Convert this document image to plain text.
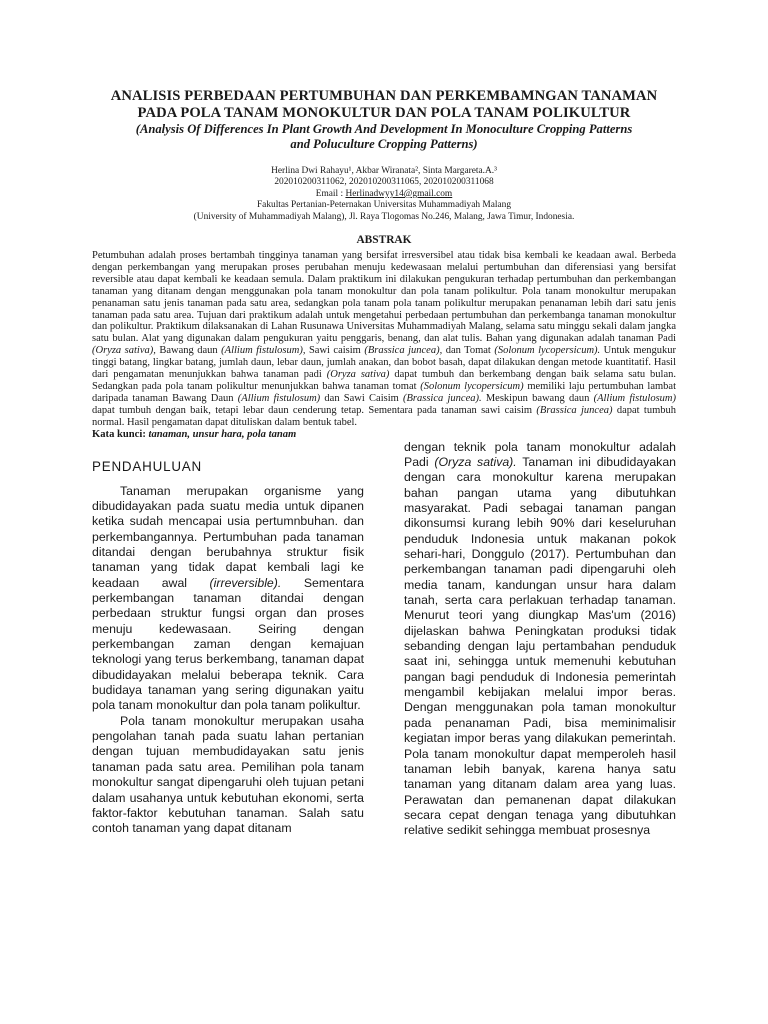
ANALISIS PERBEDAAN PERTUMBUHAN DAN PERKEMBAMNGAN TANAMAN
PADA POLA TANAM MONOKULTUR DAN POLA TANAM POLIKULTUR
(Analysis Of Differences In Plant Growth And Development In Monoculture Cropping Patterns
and Poluculture Cropping Patterns)
Herlina Dwi Rahayu¹, Akbar Wiranata², Sinta Margareta.A.³
202010200311062, 202010200311065, 202010200311068
Email : Herlinadwyy14@gmail.com
Fakultas Pertanian-Peternakan Universitas Muhammadiyah Malang
(University of Muhammadiyah Malang), Jl. Raya Tlogomas No.246, Malang, Jawa Timur, Indonesia.
ABSTRAK
Petumbuhan adalah proses bertambah tingginya tanaman yang bersifat irresversibel atau tidak bisa kembali ke keadaan awal. Berbeda dengan perkembangan yang merupakan proses perubahan menuju kedewasaan melalui pertumbuhan dan diferensiasi yang bersifat reversible atau dapat kembali ke keadaan semula. Dalam praktikum ini dilakukan pengukuran terhadap pertumbuhan dan perkembangan tanaman yang ditanam dengan menggunakan pola tanam monokultur dan pola tanam polikultur. Pola tanam monokultur merupakan penanaman satu jenis tanaman pada satu area, sedangkan pola tanam pola tanam polikultur merupakan penanaman lebih dari satu jenis tanaman pada satu area. Tujuan dari praktikum adalah untuk mengetahui perbedaan pertumbuhan dan perkembanga tanaman monokultur dan polikultur. Praktikum dilaksanakan di Lahan Rusunawa Universitas Muhammadiyah Malang, selama satu minggu sekali dalam jangka satu bulan. Alat yang digunakan dalam pengukuran yaitu penggaris, benang, dan alat tulis. Bahan yang digunakan adalah tanaman Padi (Oryza sativa), Bawang daun (Allium fistulosum), Sawi caisim (Brassica juncea), dan Tomat (Solonum lycopersicum). Untuk mengukur tinggi batang, lingkar batang, jumlah daun, lebar daun, jumlah anakan, dan bobot basah, dapat dilakukan dengan metode kuantitatif. Hasil dari pengamatan menunjukkan bahwa tanaman padi (Oryza sativa) dapat tumbuh dan berkembang dengan baik selama satu bulan. Sedangkan pada pola tanam polikultur menunjukkan bahwa tanaman tomat (Solonum lycopersicum) memiliki laju pertumbuhan lambat daripada tanaman Bawang Daun (Allium fistulosum) dan Sawi Caisim (Brassica juncea). Meskipun bawang daun (Allium fistulosum) dapat tumbuh dengan baik, tetapi lebar daun cenderung tetap. Sementara pada tanaman sawi caisim (Brassica juncea) dapat tumbuh normal. Hasil pengamatan dapat dituliskan dalam bentuk tabel.
Kata kunci: tanaman, unsur hara, pola tanam
PENDAHULUAN

Tanaman merupakan organisme yang dibudidayakan pada suatu media untuk dipanen ketika sudah mencapai usia pertumnbuhan. dan perkembangannya. Pertumbuhan pada tanaman ditandai dengan berubahnya struktur fisik tanaman yang tidak dapat kembali lagi ke keadaan awal (irreversible). Sementara perkembangan tanaman ditandai dengan perbedaan struktur fungsi organ dan proses menuju kedewasaan. Seiring dengan perkembangan zaman dengan kemajuan teknologi yang terus berkembang, tanaman dapat dibudidayakan melalui beberapa teknik. Cara budidaya tanaman yang sering digunakan yaitu pola tanam monokultur dan pola tanam polikultur.

Pola tanam monokultur merupakan usaha pengolahan tanah pada suatu lahan pertanian dengan tujuan membudidayakan satu jenis tanaman pada satu area. Pemilihan pola tanam monokultur sangat dipengaruhi oleh tujuan petani dalam usahanya untuk kebutuhan ekonomi, serta faktor-faktor kebutuhan tanaman. Salah satu contoh tanaman yang dapat ditanam

dengan teknik pola tanam monokultur adalah Padi (Oryza sativa). Tanaman ini dibudidayakan dengan cara monokultur karena merupakan bahan pangan utama yang dibutuhkan masyarakat. Padi sebagai tanaman pangan dikonsumsi kurang lebih 90% dari keseluruhan penduduk Indonesia untuk makanan pokok sehari-hari, Donggulo (2017). Pertumbuhan dan perkembangan tanaman padi dipengaruhi oleh media tanam, kandungan unsur hara dalam tanah, serta cara perlakuan terhadap tanaman. Menurut teori yang diungkap Mas'um (2016) dijelaskan bahwa Peningkatan produksi tidak sebanding dengan laju pertambahan penduduk saat ini, sehingga untuk memenuhi kebutuhan pangan bagi penduduk di Indonesia pemerintah mengambil kebijakan melalui impor beras. Dengan menggunakan pola taman monokultur pada penanaman Padi, bisa meminimalisir kegiatan impor beras yang dilakukan pemerintah. Pola tanam monokultur dapat memperoleh hasil tanaman lebih banyak, karena hanya satu tanaman yang ditanam dalam area yang luas. Perawatan dan pemanenan dapat dilakukan secara cepat dengan tenaga yang dibutuhkan relative sedikit sehingga membuat prosesnya
